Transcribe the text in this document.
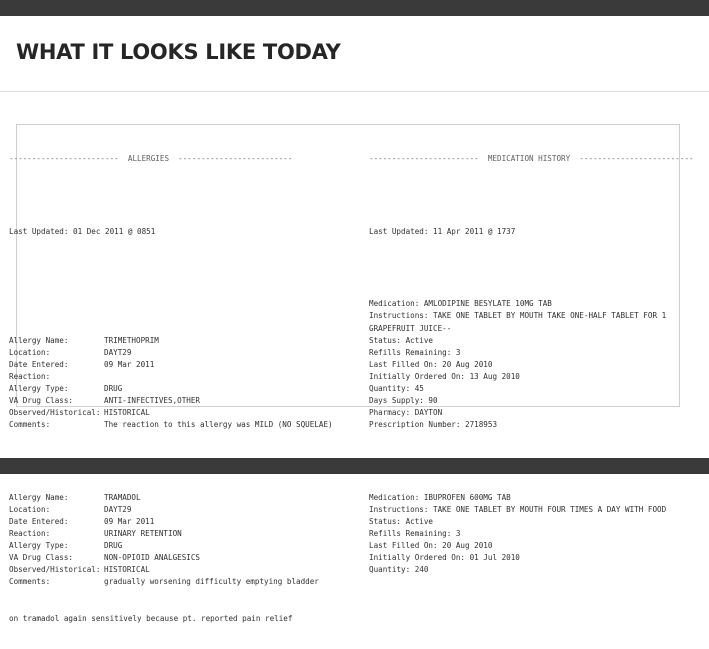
WHAT IT LOOKS LIKE TODAY

------------------------  ALLERGIES  -------------------------

Last Updated: 01 Dec 2011 @ 0851

Allergy Name:	TRIMETHOPRIM
Location:	DAYT29
Date Entered:	09 Mar 2011
Reaction:
Allergy Type:	DRUG
VA Drug Class:	ANTI-INFECTIVES,OTHER
Observed/Historical: HISTORICAL
Comments:	The reaction to this allergy was MILD (NO SQUELAE)

Allergy Name:	TRAMADOL
Location:	DAYT29
Date Entered:	09 Mar 2011
Reaction:	URINARY RETENTION
Allergy Type:	DRUG
VA Drug Class:	NON-OPIOID ANALGESICS
Observed/Historical: HISTORICAL
Comments:	gradually worsening difficulty emptying bladder

on tramadol again sensitively because pt. reported pain relief

------------------------  MEDICATION HISTORY  -------------------------

Last Updated: 11 Apr 2011 @ 1737

Medication: AMLODIPINE BESYLATE 10MG TAB
Instructions: TAKE ONE TABLET BY MOUTH TAKE ONE-HALF TABLET FOR 1
GRAPEFRUIT JUICE--
Status: Active
Refills Remaining: 3
Last Filled On: 20 Aug 2010
Initially Ordered On: 13 Aug 2010
Quantity: 45
Days Supply: 90
Pharmacy: DAYTON
Prescription Number: 2718953

Medication: IBUPROFEN 600MG TAB
Instructions: TAKE ONE TABLET BY MOUTH FOUR TIMES A DAY WITH FOOD
Status: Active
Refills Remaining: 3
Last Filled On: 20 Aug 2010
Initially Ordered On: 01 Jul 2010
Quantity: 240
